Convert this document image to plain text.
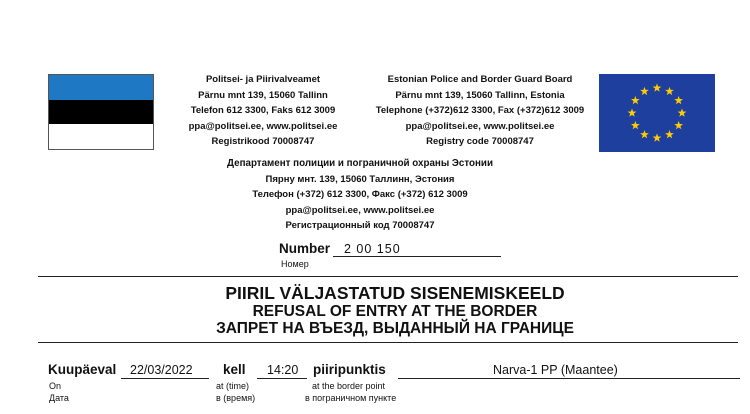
Politsei- ja Piirivalveamet
Pärnu mnt 139, 15060 Tallinn
Telefon 612 3300, Faks 612 3009
ppa@politsei.ee, www.politsei.ee
Registrikood 70008747
Estonian Police and Border Guard Board
Pärnu mnt 139, 15060 Tallinn, Estonia
Telephone (+372)612 3300, Fax (+372)612 3009
ppa@politsei.ee, www.politsei.ee
Registry code 70008747
Департамент полиции и пограничной охраны Эстонии
Пярну мнт. 139, 15060 Таллинн, Эстония
Телефон (+372) 612 3300, Факс (+372) 612 3009
ppa@politsei.ee, www.politsei.ee
Регистрационный код 70008747
Number 2 00 150
Номер
PIIRIL VÄLJASTATUD SISENEMISKEELD
REFUSAL OF ENTRY AT THE BORDER
ЗАПРЕТ НА ВЪЕЗД, ВЫДАННЫЙ НА ГРАНИЦЕ
Kuupäeval 22/03/2022
On
Дата
kell 14:20
at (time)
в (время)
piiripunktis	Narva-1 PP (Maantee)
at the border point
в пограничном пункте
